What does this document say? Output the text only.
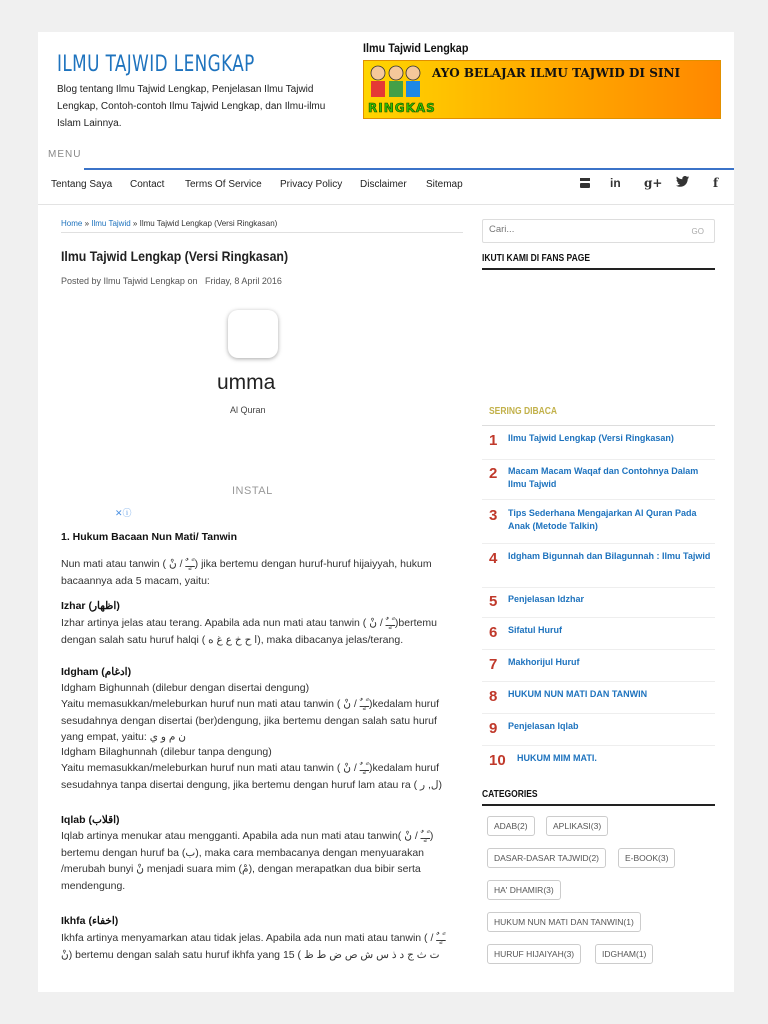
ILMU TAJWID LENGKAP
Blog tentang Ilmu Tajwid Lengkap, Penjelasan Ilmu Tajwid Lengkap, Contoh-contoh Ilmu Tajwid Lengkap, dan Ilmu-ilmu Islam Lainnya.
Ilmu Tajwid Lengkap
AYO BELAJAR ILMU TAJWID DI SINI
RINGKAS
MENU
Tentang Saya Contact Terms Of Service Privacy Policy Disclaimer Sitemap	in g+	f
Home » Ilmu Tajwid » Ilmu Tajwid Lengkap (Versi Ringkasan)
Ilmu Tajwid Lengkap (Versi Ringkasan)
Posted by Ilmu Tajwid Lengkap on Friday, 8 April 2016
umma
Al Quran
INSTAL
✕ⓘ
1. Hukum Bacaan Nun Mati/ Tanwin
Nun mati atau tanwin ( ـًـٍـٌ / نْ) jika bertemu dengan huruf-huruf hijaiyyah, hukum bacaannya ada 5 macam, yaitu:
Izhar (اظهار)
Izhar artinya jelas atau terang. Apabila ada nun mati atau tanwin ( ـًـٍـٌ / نْ)bertemu dengan salah satu huruf halqi ( ا ح خ ع غ ه), maka dibacanya jelas/terang.
Idgham (ادغام)
Idgham Bighunnah (dilebur dengan disertai dengung)
Yaitu memasukkan/meleburkan huruf nun mati atau tanwin ( ـًـٍـٌ / نْ)kedalam huruf sesudahnya dengan disertai (ber)dengung, jika bertemu dengan salah satu huruf yang empat, yaitu: ن م و ي
Idgham Bilaghunnah (dilebur tanpa dengung)
Yaitu memasukkan/meleburkan huruf nun mati atau tanwin ( ـًـٍـٌ / نْ)kedalam huruf sesudahnya tanpa disertai dengung, jika bertemu dengan huruf lam atau ra ( ل, ر)
Iqlab (اقلاب)
Iqlab artinya menukar atau mengganti. Apabila ada nun mati atau tanwin( ـًـٍـٌ / نْ) bertemu dengan huruf ba (ب), maka cara membacanya dengan menyuarakan /merubah bunyi نْ menjadi suara mim (مْ), dengan merapatkan dua bibir serta mendengung.
Ikhfa (اخفاء)
Ikhfa artinya menyamarkan atau tidak jelas. Apabila ada nun mati atau tanwin ( ـًـٍـٌ / نْ) bertemu dengan salah satu huruf ikhfa yang 15 ( ت ث ج د ذ س ش ص ض ط ظ
Cari...
GO
IKUTI KAMI DI FANS PAGE
SERING DIBACA
1 Ilmu Tajwid Lengkap (Versi Ringkasan)
2 Macam Macam Waqaf dan Contohnya Dalam Ilmu Tajwid
3 Tips Sederhana Mengajarkan Al Quran Pada Anak (Metode Talkin)
4 Idgham Bigunnah dan Bilagunnah : Ilmu Tajwid
5 Penjelasan Idzhar
6 Sifatul Huruf
7 Makhorijul Huruf
8 HUKUM NUN MATI DAN TANWIN
9 Penjelasan Iqlab
10 HUKUM MIM MATI.
CATEGORIES
ADAB(2)	APLIKASI(3)
DASAR-DASAR TAJWID(2)	E-BOOK(3)
HA' DHAMIR(3)
HUKUM NUN MATI DAN TANWIN(1)
HURUF HIJAIYAH(3)	IDGHAM(1)
